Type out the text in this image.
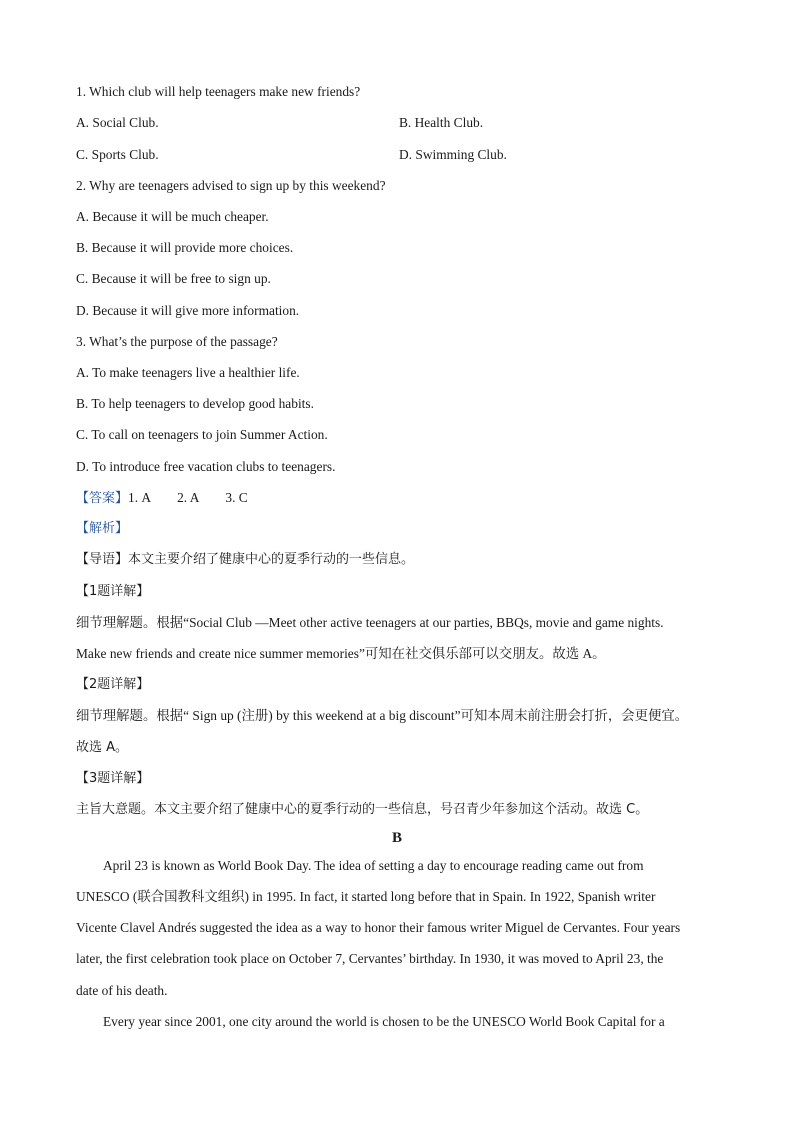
1. Which club will help teenagers make new friends?
A. Social Club.	B. Health Club.
C. Sports Club.	D. Swimming Club.
2. Why are teenagers advised to sign up by this weekend?
A. Because it will be much cheaper.
B. Because it will provide more choices.
C. Because it will be free to sign up.
D. Because it will give more information.
3. What’s the purpose of the passage?
A. To make teenagers live a healthier life.
B. To help teenagers to develop good habits.
C. To call on teenagers to join Summer Action.
D. To introduce free vacation clubs to teenagers.
【答案】1. A 2. A 3. C
【解析】
【导语】本文主要介绍了健康中心的夏季行动的一些信息。
【1题详解】
细节理解题。根据“Social Club —Meet other active teenagers at our parties, BBQs, movie and game nights.
Make new friends and create nice summer memories”可知在社交俱乐部可以交朋友。故选 A。
【2题详解】
细节理解题。根据“ Sign up (注册) by this weekend at a big discount”可知本周末前注册会打折，会更便宜。
故选 A。
【3题详解】
主旨大意题。本文主要介绍了健康中心的夏季行动的一些信息，号召青少年参加这个活动。故选 C。
B
April 23 is known as World Book Day. The idea of setting a day to encourage reading came out from
UNESCO (联合国教科文组织) in 1995. In fact, it started long before that in Spain. In 1922, Spanish writer
Vicente Clavel Andrés suggested the idea as a way to honor their famous writer Miguel de Cervantes. Four years
later, the first celebration took place on October 7, Cervantes’ birthday. In 1930, it was moved to April 23, the
date of his death.
Every year since 2001, one city around the world is chosen to be the UNESCO World Book Capital for a
